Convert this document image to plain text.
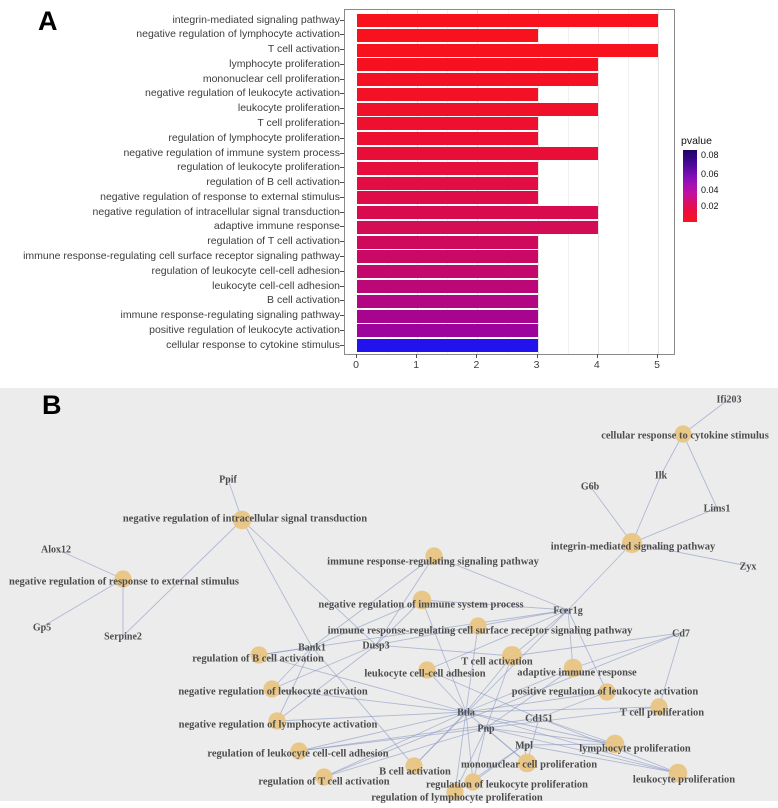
A	integrin-mediated signaling pathway
negative regulation of lymphocyte activation
T cell activation
lymphocyte proliferation
mononuclear cell proliferation
negative regulation of leukocyte activation
leukocyte proliferation
T cell proliferation
regulation of lymphocyte proliferation
negative regulation of immune system process
regulation of leukocyte proliferation
regulation of B cell activation
negative regulation of response to external stimulus
negative regulation of intracellular signal transduction
adaptive immune response
regulation of T cell activation
immune response-regulating cell surface receptor signaling pathway
regulation of leukocyte cell-cell adhesion
leukocyte cell-cell adhesion
B cell activation
immune response-regulating signaling pathway
positive regulation of leukocyte activation
cellular response to cytokine stimulus
0	1	2	3	4	5
pvalue
0.08
0.06
0.04
0.02
cellular response to cytokine stimulus
integrin-mediated signaling pathway
negative regulation of intracellular signal transduction
negative regulation of response to external stimulus
immune response-regulating signaling pathway
negative regulation of immune system process
immune response-regulating cell surface receptor signaling pathway
regulation of B cell activation
leukocyte cell-cell adhesion
T cell activation
adaptive immune response
negative regulation of leukocyte activation	positive regulation of leukocyte activation
negative regulation of lymphocyte activation
T cell proliferation
regulation of leukocyte cell-cell adhesion	lymphocyte proliferation
B cell activation
regulation of T cell activation
mononuclear cell proliferation
regulation of leukocyte proliferation
regulation of lymphocyte proliferation
leukocyte proliferation
Ifi203
Ilk
G6b
Lims1
Zyx
Ppif
Alox12
Gp5
Serpine2
Bank1	Dusp3
Fcer1g
Cd7
Btla
Cd151
Pnp
Mpl
B
